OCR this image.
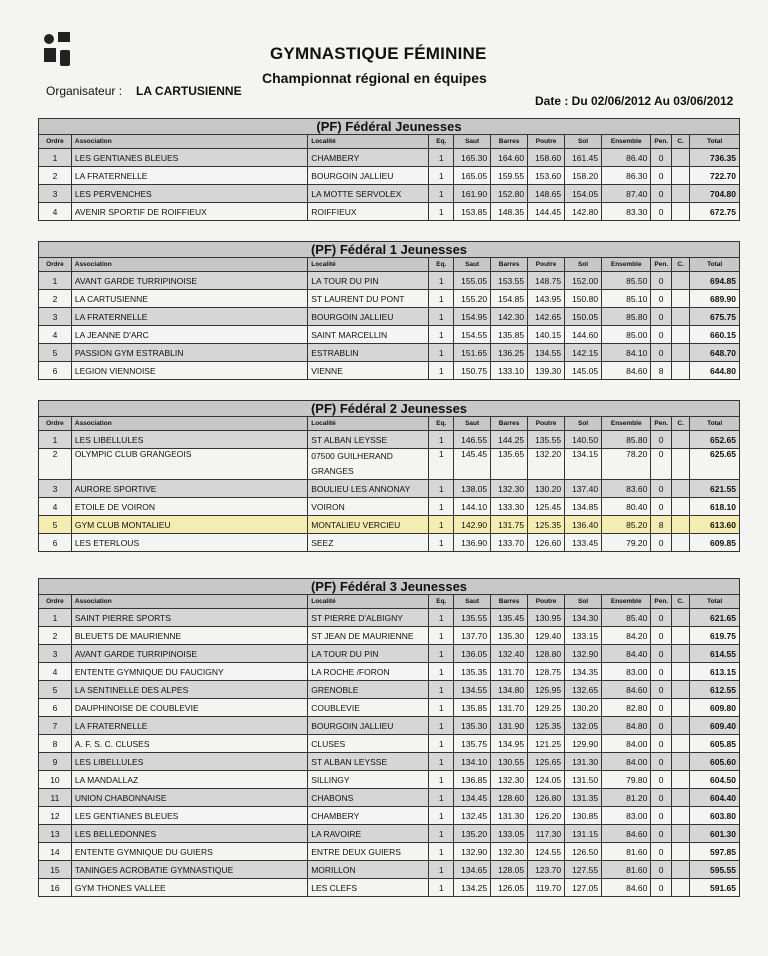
GYMNASTIQUE FÉMININE
Championnat régional en équipes
Organisateur : LA CARTUSIENNE
Date : Du 02/06/2012 Au 03/06/2012
(PF) Fédéral Jeunesses											
Ordre	Association	Localité	Eq.	Saut	Barres	Poutre	Sol	Ensemble	Pen.	C.	Total
1	LES GENTIANES BLEUES	CHAMBERY	1	165.30	164.60	158.60	161.45	86.40	0		736.35
2	LA FRATERNELLE	BOURGOIN JALLIEU	1	165.05	159.55	153.60	158.20	86.30	0		722.70
3	LES PERVENCHES	LA MOTTE SERVOLEX	1	161.90	152.80	148.65	154.05	87.40	0		704.80
4	AVENIR SPORTIF DE ROIFFIEUX	ROIFFIEUX	1	153.85	148.35	144.45	142.80	83.30	0		672.75
(PF) Fédéral 1 Jeunesses											
Ordre	Association	Localité	Eq.	Saut	Barres	Poutre	Sol	Ensemble	Pen.	C.	Total
1	AVANT GARDE TURRIPINOISE	LA TOUR DU PIN	1	155.05	153.55	148.75	152.00	85.50	0		694.85
2	LA CARTUSIENNE	ST LAURENT DU PONT	1	155.20	154.85	143.95	150.80	85.10	0		689.90
3	LA FRATERNELLE	BOURGOIN JALLIEU	1	154.95	142.30	142.65	150.05	85.80	0		675.75
4	LA JEANNE D'ARC	SAINT MARCELLIN	1	154.55	135.85	140.15	144.60	85.00	0		660.15
5	PASSION GYM ESTRABLIN	ESTRABLIN	1	151.65	136.25	134.55	142.15	84.10	0		648.70
6	LEGION VIENNOISE	VIENNE	1	150.75	133.10	139.30	145.05	84.60	8		644.80
(PF) Fédéral 2 Jeunesses											
Ordre	Association	Localité	Eq.	Saut	Barres	Poutre	Sol	Ensemble	Pen.	C.	Total
1	LES LIBELLULES	ST ALBAN LEYSSE	1	146.55	144.25	135.55	140.50	85.80	0		652.65
2	OLYMPIC CLUB GRANGEOIS	07500 GUILHERAND GRANGES	1	145.45	135.65	132.20	134.15	78.20	0		625.65
3	AURORE SPORTIVE	BOULIEU LES ANNONAY	1	138.05	132.30	130.20	137.40	83.60	0		621.55
4	ETOILE DE VOIRON	VOIRON	1	144.10	133.30	125.45	134.85	80.40	0		618.10
5	GYM CLUB MONTALIEU	MONTALIEU VERCIEU	1	142.90	131.75	125.35	136.40	85.20	8		613.60
6	LES ETERLOUS	SEEZ	1	136.90	133.70	126.60	133.45	79.20	0		609.85
(PF) Fédéral 3 Jeunesses											
Ordre	Association	Localité	Eq.	Saut	Barres	Poutre	Sol	Ensemble	Pen.	C.	Total
1	SAINT PIERRE SPORTS	ST PIERRE D'ALBIGNY	1	135.55	135.45	130.95	134.30	85.40	0		621.65
2	BLEUETS DE MAURIENNE	ST JEAN DE MAURIENNE	1	137.70	135.30	129.40	133.15	84.20	0		619.75
3	AVANT GARDE TURRIPINOISE	LA TOUR DU PIN	1	136.05	132.40	128.80	132.90	84.40	0		614.55
4	ENTENTE GYMNIQUE DU FAUCIGNY	LA ROCHE /FORON	1	135.35	131.70	128.75	134.35	83.00	0		613.15
5	LA SENTINELLE DES ALPES	GRENOBLE	1	134.55	134.80	125.95	132.65	84.60	0		612.55
6	DAUPHINOISE DE COUBLEVIE	COUBLEVIE	1	135.85	131.70	129.25	130.20	82.80	0		609.80
7	LA FRATERNELLE	BOURGOIN JALLIEU	1	135.30	131.90	125.35	132.05	84.80	0		609.40
8	A. F. S. C. CLUSES	CLUSES	1	135.75	134.95	121.25	129.90	84.00	0		605.85
9	LES LIBELLULES	ST ALBAN LEYSSE	1	134.10	130.55	125.65	131.30	84.00	0		605.60
10	LA MANDALLAZ	SILLINGY	1	136.85	132.30	124.05	131.50	79.80	0		604.50
11	UNION CHABONNAISE	CHABONS	1	134.45	128.60	126.80	131.35	81.20	0		604.40
12	LES GENTIANES BLEUES	CHAMBERY	1	132.45	131.30	126.20	130.85	83.00	0		603.80
13	LES BELLEDONNES	LA RAVOIRE	1	135.20	133.05	117.30	131.15	84.60	0		601.30
14	ENTENTE GYMNIQUE DU GUIERS	ENTRE DEUX GUIERS	1	132.90	132.30	124.55	126.50	81.60	0		597.85
15	TANINGES ACROBATIE GYMNASTIQUE	MORILLON	1	134.65	128.05	123.70	127.55	81.60	0		595.55
16	GYM THONES VALLEE	LES CLEFS	1	134.25	126.05	119.70	127.05	84.60	0		591.65
